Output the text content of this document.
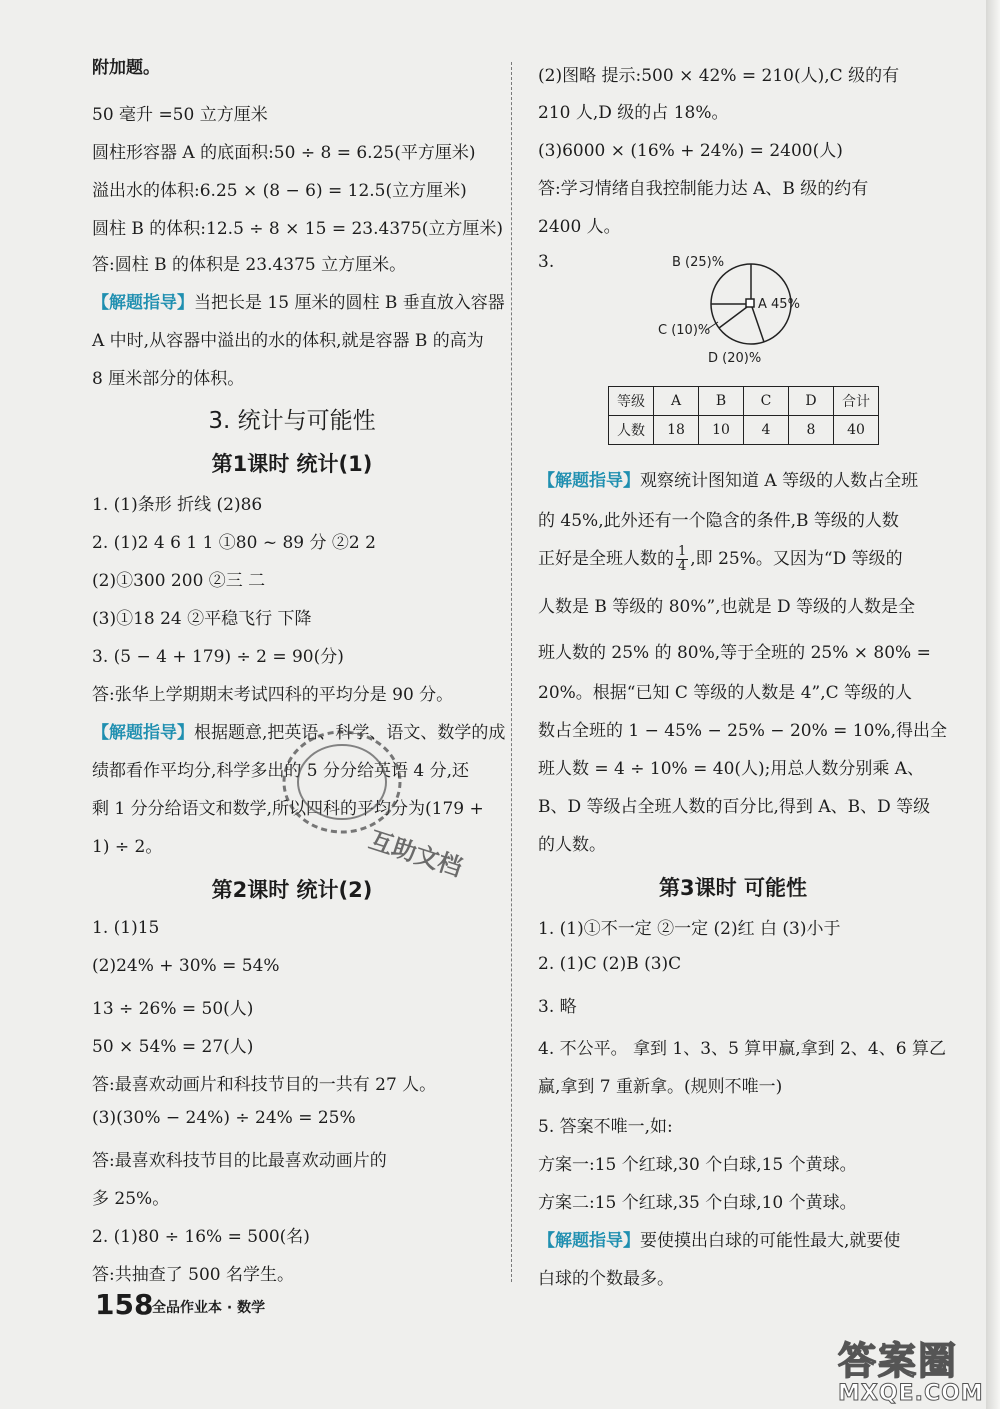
附加题。
50 毫升 =50 立方厘米
圆柱形容器 A 的底面积:50 ÷ 8 = 6.25(平方厘米)
溢出水的体积:6.25 × (8 − 6) = 12.5(立方厘米)
圆柱 B 的体积:12.5 ÷ 8 × 15 = 23.4375(立方厘米)
答:圆柱 B 的体积是 23.4375 立方厘米。
【解题指导】当把长是 15 厘米的圆柱 B 垂直放入容器
A 中时,从容器中溢出的水的体积,就是容器 B 的高为
8 厘米部分的体积。
3. 统计与可能性
第1课时 统计(1)
1. (1)条形 折线 (2)86
2. (1)2 4 6 1 1 ①80 ~ 89 分 ②2 2
(2)①300 200 ②三 二
(3)①18 24 ②平稳飞行 下降
3. (5 − 4 + 179) ÷ 2 = 90(分)
答:张华上学期期末考试四科的平均分是 90 分。
【解题指导】根据题意,把英语、科学、语文、数学的成
绩都看作平均分,科学多出的 5 分分给英语 4 分,还
剩 1 分分给语文和数学,所以四科的平均分为(179 +
1) ÷ 2。
第2课时 统计(2)
1. (1)15
(2)24% + 30% = 54%
13 ÷ 26% = 50(人)
50 × 54% = 27(人)
答:最喜欢动画片和科技节目的一共有 27 人。
(3)(30% − 24%) ÷ 24% = 25%
答:最喜欢科技节目的比最喜欢动画片的
多 25%。
2. (1)80 ÷ 16% = 500(名)
答:共抽查了 500 名学生。
(2)图略 提示:500 × 42% = 210(人),C 级的有
210 人,D 级的占 18%。
(3)6000 × (16% + 24%) = 2400(人)
答:学习情绪自我控制能力达 A、B 级的约有
2400 人。
3.	B (25)%
A 45%
C (10)%
D (20)%
等级	A	B	C	D	合计
人数	18	10	4	8	40
【解题指导】观察统计图知道 A 等级的人数占全班
的 45%,此外还有一个隐含的条件,B 等级的人数
正好是全班人数的 $\frac{1}{4}$ ,即 25%。又因为“D 等级的
人数是 B 等级的 80%”,也就是 D 等级的人数是全
班人数的 25% 的 80%,等于全班的 25% × 80% =
20%。根据“已知 C 等级的人数是 4”,C 等级的人
数占全班的 1 − 45% − 25% − 20% = 10%,得出全
班人数 = 4 ÷ 10% = 40(人);用总人数分别乘 A、
B、D 等级占全班人数的百分比,得到 A、B、D 等级
的人数。
第3课时 可能性
1. (1)①不一定 ②一定 (2)红 白 (3)小于
2. (1)C (2)B (3)C
3. 略
4. 不公平。 拿到 1、3、5 算甲赢,拿到 2、4、6 算乙
赢,拿到 7 重新拿。(规则不唯一)
5. 答案不唯一,如:
方案一:15 个红球,30 个白球,15 个黄球。
方案二:15 个红球,35 个白球,10 个黄球。
【解题指导】要使摸出白球的可能性最大,就要使
白球的个数最多。
互助文档
158
全品作业本 · 数学
答案圈
MXQE.COM
